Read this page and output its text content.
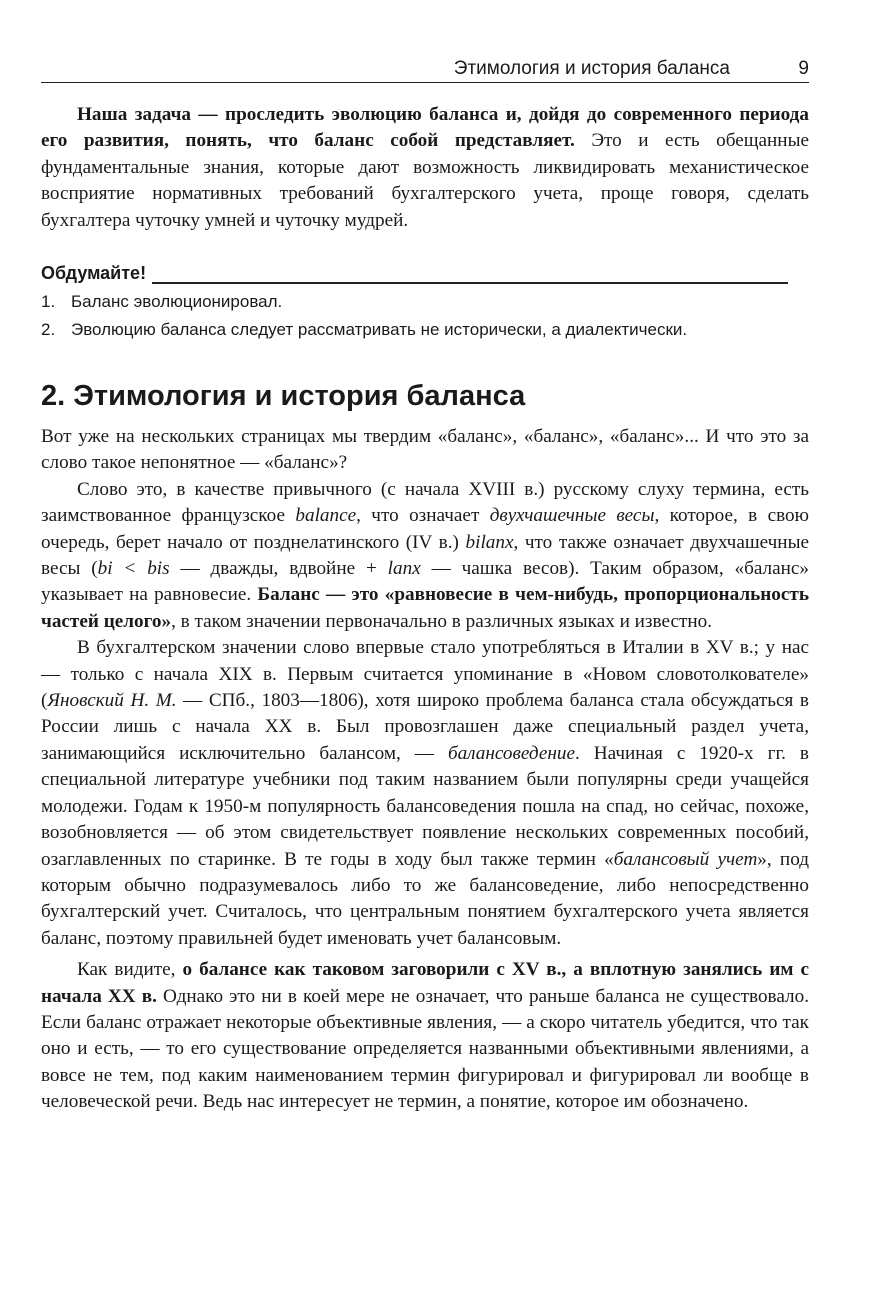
Этимология и история баланса	9

Наша задача — проследить эволюцию баланса и, дойдя до современного периода его развития, понять, что баланс собой представляет. Это и есть обещанные фундаментальные знания, которые дают возможность ликвидировать механистическое восприятие нормативных требований бухгалтерского учета, проще говоря, сделать бухгалтера чуточку умней и чуточку мудрей.

Обдумайте!
1. Баланс эволюционировал.
2. Эволюцию баланса следует рассматривать не исторически, а диалектически.
2. Этимология и история баланса

Вот уже на нескольких страницах мы твердим «баланс», «баланс», «баланс»... И что это за слово такое непонятное — «баланс»?

Слово это, в качестве привычного (с начала XVIII в.) русскому слуху термина, есть заимствованное французское balance, что означает двухчашечные весы, которое, в свою очередь, берет начало от позднелатинского (IV в.) bilanx, что также означает двухчашечные весы (bi < bis — дважды, вдвойне + lanx — чашка весов). Таким образом, «баланс» указывает на равновесие. Баланс — это «равновесие в чем-нибудь, пропорциональность частей целого», в таком значении первоначально в различных языках и известно.

В бухгалтерском значении слово впервые стало употребляться в Италии в XV в.; у нас — только с начала XIX в. Первым считается упоминание в «Новом словотолкователе» (Яновский Н. М. — СПб., 1803—1806), хотя широко проблема баланса стала обсуждаться в России лишь с начала XX в. Был провозглашен даже специальный раздел учета, занимающийся исключительно балансом, — балансоведение. Начиная с 1920-х гг. в специальной литературе учебники под таким названием были популярны среди учащейся молодежи. Годам к 1950-м популярность балансоведения пошла на спад, но сейчас, похоже, возобновляется — об этом свидетельствует появление нескольких современных пособий, озаглавленных по старинке. В те годы в ходу был также термин «балансовый учет», под которым обычно подразумевалось либо то же балансоведение, либо непосредственно бухгалтерский учет. Считалось, что центральным понятием бухгалтерского учета является баланс, поэтому правильней будет именовать учет балансовым.

Как видите, о балансе как таковом заговорили с XV в., а вплотную занялись им с начала XX в. Однако это ни в коей мере не означает, что раньше баланса не существовало. Если баланс отражает некоторые объективные явления, — а скоро читатель убедится, что так оно и есть, — то его существование определяется названными объективными явлениями, а вовсе не тем, под каким наименованием термин фигурировал и фигурировал ли вообще в человеческой речи. Ведь нас интересует не термин, а понятие, которое им обозначено.
